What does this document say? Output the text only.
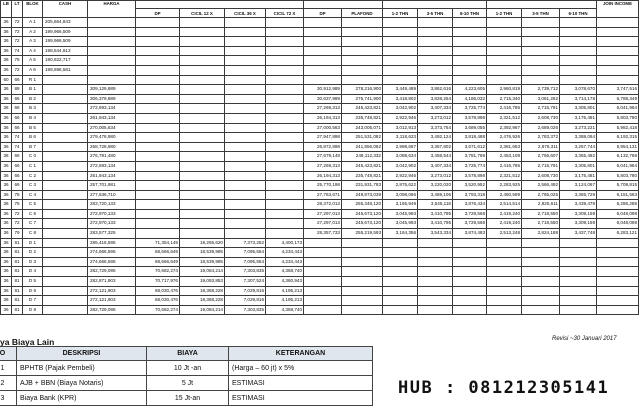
LB	LT	BLOK	CASH	HARGA													JOIN INCOME	
					DP	CICIL 12 X	CICIL 36 X	CICIL 72 X	DP	PLAFOND	1-2 THN	3-5 THN	6-10 THN	1-2 THN	3-5 THN	6-10 THN		
36	72	A 1	205,664,843															
36	72	A 2	199,966,509															
36	72	A 3	199,966,509															
36	74	A 4	198,544,613															
36	75	A 5	190,622,717															
36	72	A 6	199,696,581															
60	66	R 1																
36	88	B 1		309,129,889					30,912,989	278,216,900	3,449,489	3,862,616	4,223,605	2,960,819	2,739,712	3,078,670	3,747,516	
36	66	B 2		306,379,889					30,637,989	275,741,900	3,418,802	3,828,254	4,186,032	2,715,340	3,061,262	3,714,178	6,788,349	
36	66	B 3		272,693,134					27,269,313	245,423,821	3,042,902	3,407,334	3,725,774	2,416,785	2,715,791	3,305,801	6,041,964	
36	66	B 4		261,943,134					26,194,313	235,748,821	2,922,946	3,273,012	3,578,898	2,321,512	2,608,730	3,175,481	5,803,780	
36	66	B 5		270,005,634					27,000,563	243,005,071	3,012,913	3,373,754	3,689,055	2,392,967	2,689,026	3,273,221	5,982,418	
36	74	B 6		279,478,980					27,947,898	251,531,082	3,118,623	3,492,124	3,818,488	2,476,926	2,783,372	3,388,064	6,192,315	
36	74	B 7		268,728,980					26,872,898	241,856,082	2,998,667	3,357,802	3,671,612	2,381,653	2,676,311	3,257,744	5,954,131	
36	66	C 0		276,791,480					27,679,148	249,112,332	3,088,634	3,458,544	3,781,769	2,453,108	2,756,607	3,355,482	6,132,768	
36	66	C 1		272,693,134					27,269,313	245,423,821	3,042,902	3,407,334	3,725,774	2,416,785	2,715,791	3,305,801	6,041,964	
36	66	C 2		261,943,134					26,194,313	235,748,821	2,922,946	3,273,012	3,578,898	2,321,512	2,608,730	3,175,481	5,803,780	
36	66	C 3		257,701,981					25,770,198	231,931,783	2,875,622	3,220,020	3,520,952	2,283,925	2,566,492	3,124,067	5,709,815	
36	75	C 4		277,636,710					27,763,671	249,873,039	3,098,066	3,469,106	3,793,318	2,460,599	2,765,025	3,365,729	6,151,563	
36	75	C 5		283,720,133					28,372,013	255,348,120	3,165,949	3,545,118	3,876,434	2,514,514	2,825,611	3,439,479	6,286,285	
36	72	C 6		272,970,133					27,297,013	245,673,120	3,045,993	3,410,795	3,729,568	2,419,240	2,718,550	3,309,159	6,048,098	
36	72	C 7		272,970,133					27,297,013	245,673,120	3,045,993	3,410,795	3,729,568	2,419,240	2,718,550	3,309,159	6,048,098	
36	79	C 8		283,577,325					28,357,733	255,219,593	3,164,356	3,543,334	3,874,483	2,513,248	2,824,188	3,437,748	6,283,121	
36	81	D 1		285,416,595	71,354,149	19,265,620	7,373,262	4,400,173										
36	81	D 2		274,666,595	68,666,649	18,539,995	7,095,554	4,234,443										
36	81	D 3		274,666,595	68,666,649	18,539,995	7,095,554	4,234,443										
36	81	D 4		282,729,095	70,682,274	19,084,214	7,303,835	4,358,740										
36	81	D 5		282,871,903	70,717,976	19,093,853	7,307,524	4,360,943										
36	81	D 6		272,121,903	68,030,476	18,368,228	7,029,816	4,195,213										
36	81	D 7		272,121,903	68,030,476	18,368,228	7,029,816	4,195,213										
36	81	D 8		282,729,095	70,682,274	19,084,214	7,303,835	4,358,740										
Revisi ~30 Januari 2017
ya Biaya Lain
O	DESKRIPSI	BIAYA	KETERANGAN
1	BPHTB (Pajak Pembeli)	10 Jt -an	(Harga – 60 jt) x 5%
2	AJB + BBN (Biaya Notaris)	5 Jt	ESTIMASI
3	Biaya Bank (KPR)	15 Jt-an	ESTIMASI	HUB : 081212305141
